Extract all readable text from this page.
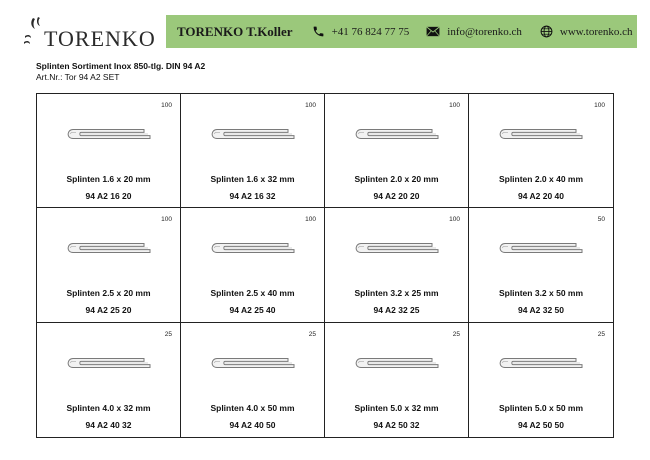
TORENKO TORENKO T.Koller	+41 76 824 77 75	info@torenko.ch	www.torenko.ch
Splinten Sortiment Inox 850-tlg. DIN 94 A2
Art.Nr.: Tor 94 A2 SET
100
Splinten 1.6 x 20 mm
94 A2 16 20
100
Splinten 1.6 x 32 mm
94 A2 16 32
100
Splinten 2.0 x 20 mm
94 A2 20 20
100
Splinten 2.0 x 40 mm
94 A2 20 40
100
Splinten 2.5 x 20 mm
94 A2 25 20
100
Splinten 2.5 x 40 mm
94 A2 25 40
100
Splinten 3.2 x 25 mm
94 A2 32 25
50
Splinten 3.2 x 50 mm
94 A2 32 50
25
Splinten 4.0 x 32 mm
94 A2 40 32
25
Splinten 4.0 x 50 mm
94 A2 40 50
25
Splinten 5.0 x 32 mm
94 A2 50 32
25
Splinten 5.0 x 50 mm
94 A2 50 50
